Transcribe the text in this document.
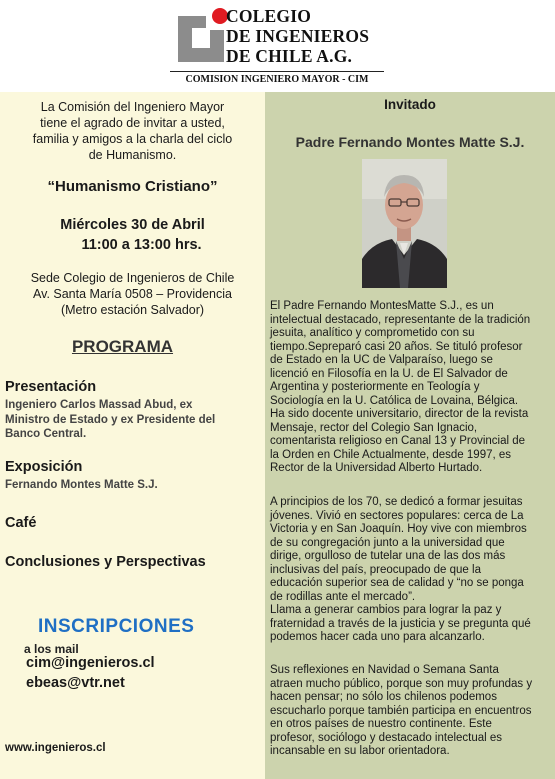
COLEGIO
DE INGENIEROS
DE CHILE A.G.
COMISION INGENIERO MAYOR - CIM
La Comisión del Ingeniero Mayor
tiene el agrado de invitar a usted,
familia y amigos a la charla del ciclo
de Humanismo.
“Humanismo Cristiano”
Miércoles 30 de Abril
11:00 a 13:00 hrs.
Sede Colegio de Ingenieros de Chile
Av. Santa María 0508 – Providencia
(Metro estación Salvador)
PROGRAMA
Presentación
Ingeniero Carlos Massad Abud, ex
Ministro de Estado y ex Presidente del
Banco Central.
Exposición
Fernando Montes Matte S.J.
Café
Conclusiones y Perspectivas
INSCRIPCIONES
a los mail
cim@ingenieros.cl
ebeas@vtr.net
www.ingenieros.cl
Invitado
Padre Fernando Montes Matte S.J.
El Padre Fernando MontesMatte S.J., es un
intelectual destacado, representante de la tradición
jesuita, analítico y comprometido con su
tiempo.Sepreparó casi 20 años. Se tituló profesor
de Estado en la UC de Valparaíso, luego se
licenció en Filosofía en la U. de El Salvador de
Argentina y posteriormente en Teología y
Sociología en la U. Católica de Lovaina, Bélgica.
Ha sido docente universitario, director de la revista
Mensaje, rector del Colegio San Ignacio,
comentarista religioso en Canal 13 y Provincial de
la Orden en Chile Actualmente, desde 1997, es
Rector de la Universidad Alberto Hurtado.
A principios de los 70, se dedicó a formar jesuitas
jóvenes. Vivió en sectores populares: cerca de La
Victoria y en San Joaquín. Hoy vive con miembros
de su congregación junto a la universidad que
dirige, orgulloso de tutelar una de las dos más
inclusivas del país, preocupado de que la
educación superior sea de calidad y “no se ponga
de rodillas ante el mercado”.
Llama a generar cambios para lograr la paz y
fraternidad a través de la justicia y se pregunta qué
podemos hacer cada uno para alcanzarlo.
Sus reflexiones en Navidad o Semana Santa
atraen mucho público, porque son muy profundas y
hacen pensar; no sólo los chilenos podemos
escucharlo porque también participa en encuentros
en otros países de nuestro continente. Este
profesor, sociólogo y destacado intelectual es
incansable en su labor orientadora.
